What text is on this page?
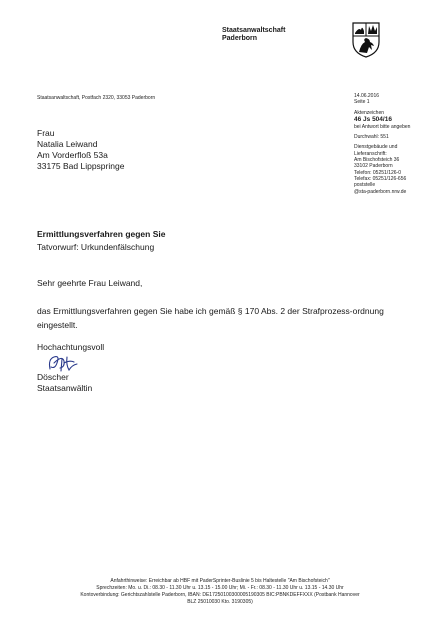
Staatsanwaltschaft
Paderborn
Staatsanwaltschaft, Postfach 2320, 33053 Paderborn	14.06.2016
Seite 1
Aktenzeichen
46 Js 504/16
bei Antwort bitte angeben
Durchwahl: 551
Dienstgebäude und
Lieferanschrift:
Am Bischofsteich 36
33102 Paderborn
Telefon: 05251/126-0
Telefax: 05251/126-656
poststelle
@sta-paderborn.nrw.de
Frau
Natalia Leiwand
Am Vorderfloß 53a
33175 Bad Lippspringe
Ermittlungsverfahren gegen Sie
Tatvorwurf: Urkundenfälschung
Sehr geehrte Frau Leiwand,
das Ermittlungsverfahren gegen Sie habe ich gemäß § 170 Abs. 2 der Strafprozess-ordnung eingestellt.
Hochachtungsvoll
Döscher
Staatsanwältin
Anfahrthinweise: Erreichbar ab HBF mit PaderSprinter-Buslinie 5 bis Haltestelle "Am Bischofsteich"
Sprechzeiten: Mo. u. Di.: 08.30 - 11.30 Uhr u. 13.15 - 15.00 Uhr; Mi. - Fr.: 08.30 - 11.30 Uhr u. 13.15 - 14.30 Uhr
Kontoverbindung: Gerichtszahlstelle Paderborn, IBAN: DE17250100300005190305 BIC:PBNKDEFFXXX (Postbank Hannover
BLZ 25010030 Kto. 3190305)
